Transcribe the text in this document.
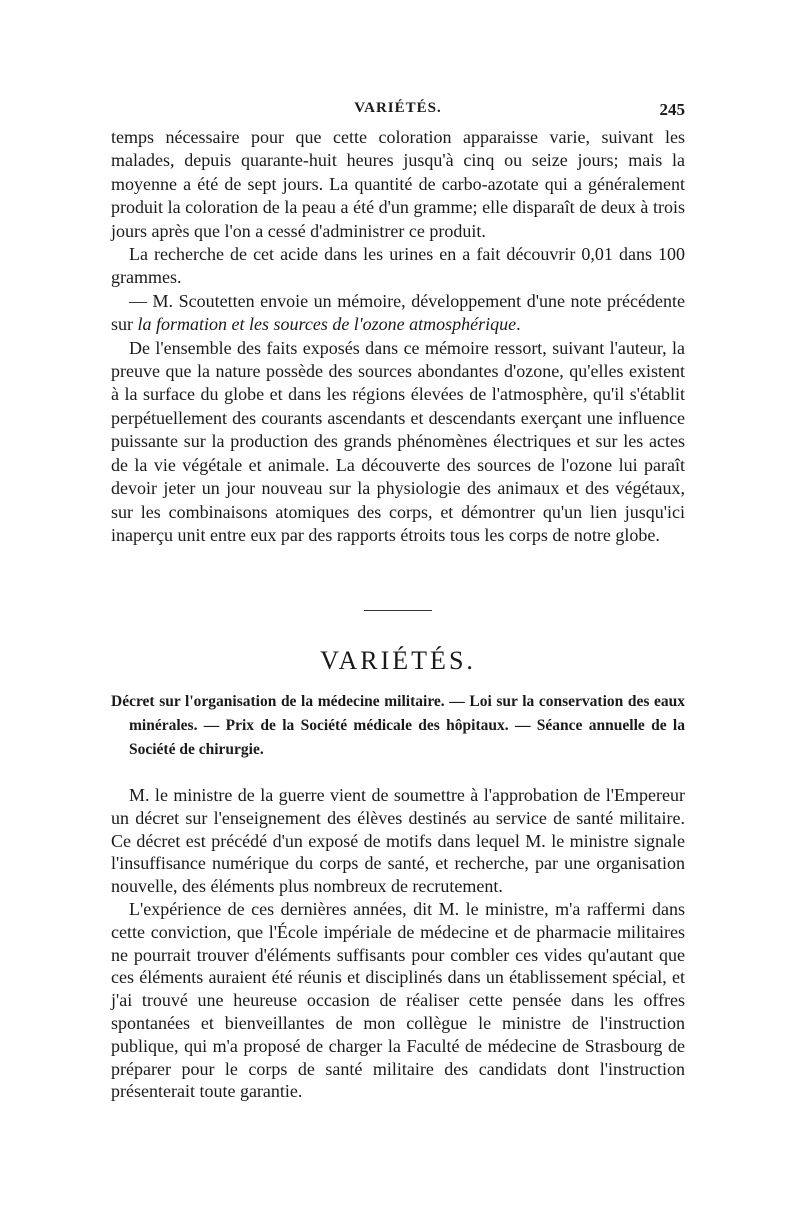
VARIÉTÉS.	245

temps nécessaire pour que cette coloration apparaisse varie, suivant les malades, depuis quarante-huit heures jusqu'à cinq ou seize jours; mais la moyenne a été de sept jours. La quantité de carbo-azotate qui a généralement produit la coloration de la peau a été d'un gramme; elle disparaît de deux à trois jours après que l'on a cessé d'administrer ce produit.

La recherche de cet acide dans les urines en a fait découvrir 0,01 dans 100 grammes.

— M. Scoutetten envoie un mémoire, développement d'une note précédente sur la formation et les sources de l'ozone atmosphérique.

De l'ensemble des faits exposés dans ce mémoire ressort, suivant l'auteur, la preuve que la nature possède des sources abondantes d'ozone, qu'elles existent à la surface du globe et dans les régions élevées de l'atmosphère, qu'il s'établit perpétuellement des courants ascendants et descendants exerçant une influence puissante sur la production des grands phénomènes électriques et sur les actes de la vie végétale et animale. La découverte des sources de l'ozone lui paraît devoir jeter un jour nouveau sur la physiologie des animaux et des végétaux, sur les combinaisons atomiques des corps, et démontrer qu'un lien jusqu'ici inaperçu unit entre eux par des rapports étroits tous les corps de notre globe.

VARIÉTÉS.
Décret sur l'organisation de la médecine militaire. — Loi sur la conservation des eaux minérales. — Prix de la Société médicale des hôpitaux. — Séance annuelle de la Société de chirurgie.

M. le ministre de la guerre vient de soumettre à l'approbation de l'Empereur un décret sur l'enseignement des élèves destinés au service de santé militaire. Ce décret est précédé d'un exposé de motifs dans lequel M. le ministre signale l'insuffisance numérique du corps de santé, et recherche, par une organisation nouvelle, des éléments plus nombreux de recrutement.

L'expérience de ces dernières années, dit M. le ministre, m'a raffermi dans cette conviction, que l'École impériale de médecine et de pharmacie militaires ne pourrait trouver d'éléments suffisants pour combler ces vides qu'autant que ces éléments auraient été réunis et disciplinés dans un établissement spécial, et j'ai trouvé une heureuse occasion de réaliser cette pensée dans les offres spontanées et bienveillantes de mon collègue le ministre de l'instruction publique, qui m'a proposé de charger la Faculté de médecine de Strasbourg de préparer pour le corps de santé militaire des candidats dont l'instruction présenterait toute garantie.
